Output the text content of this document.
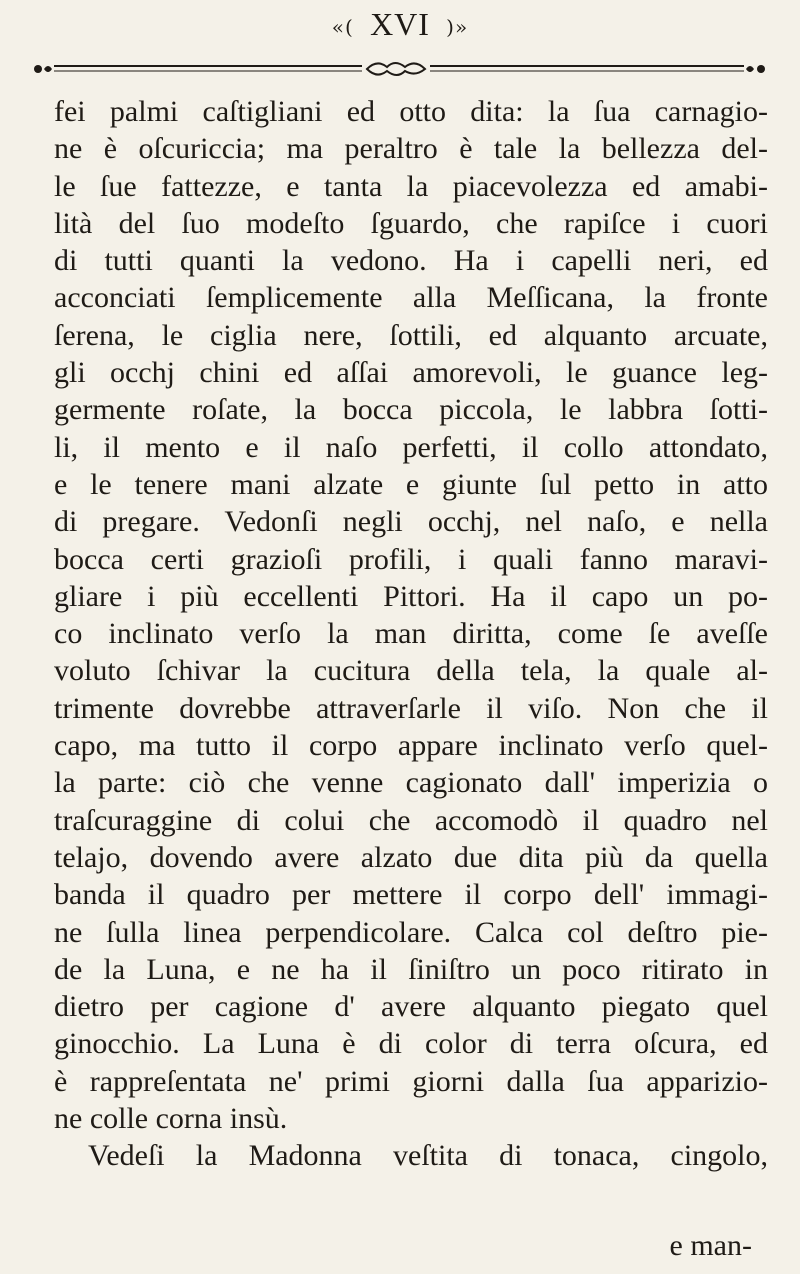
«( XVI )»
fei palmi caſtigliani ed otto dita: la ſua carnagio-
ne è oſcuriccia; ma peraltro è tale la bellezza del-
le ſue fattezze, e tanta la piacevolezza ed amabi-
lità del ſuo modeſto ſguardo, che rapiſce i cuori
di tutti quanti la vedono. Ha i capelli neri, ed
acconciati ſemplicemente alla Meſſicana, la fronte
ſerena, le ciglia nere, ſottili, ed alquanto arcuate,
gli occhj chini ed aſſai amorevoli, le guance leg-
germente roſate, la bocca piccola, le labbra ſotti-
li, il mento e il naſo perfetti, il collo attondato,
e le tenere mani alzate e giunte ſul petto in atto
di pregare. Vedonſi negli occhj, nel naſo, e nella
bocca certi grazioſi profili, i quali fanno maravi-
gliare i più eccellenti Pittori. Ha il capo un po-
co inclinato verſo la man diritta, come ſe aveſſe
voluto ſchivar la cucitura della tela, la quale al-
trimente dovrebbe attraverſarle il viſo. Non che il
capo, ma tutto il corpo appare inclinato verſo quel-
la parte: ciò che venne cagionato dall' imperizia o
traſcuraggine di colui che accomodò il quadro nel
telajo, dovendo avere alzato due dita più da quella
banda il quadro per mettere il corpo dell' immagi-
ne ſulla linea perpendicolare. Calca col deſtro pie-
de la Luna, e ne ha il ſiniſtro un poco ritirato in
dietro per cagione d' avere alquanto piegato quel
ginocchio. La Luna è di color di terra oſcura, ed
è rappreſentata ne' primi giorni dalla ſua apparizio-
ne colle corna insù.
Vedeſi la Madonna veſtita di tonaca, cingolo,
e man-
